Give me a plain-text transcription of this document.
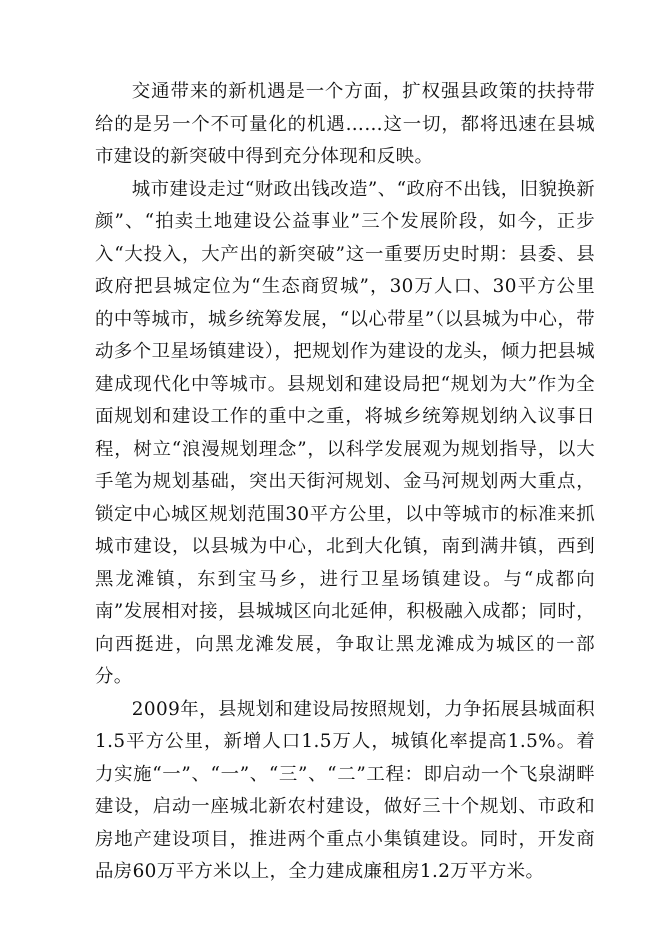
交通带来的新机遇是一个方面，扩权强县政策的扶持带给的是另一个不可量化的机遇……这一切，都将迅速在县城市建设的新突破中得到充分体现和反映。

城市建设走过“财政出钱改造”、“政府不出钱，旧貌换新颜”、“拍卖土地建设公益事业”三个发展阶段，如今，正步入“大投入，大产出的新突破”这一重要历史时期：县委、县政府把县城定位为“生态商贸城”，30万人口、30平方公里的中等城市，城乡统筹发展，“以心带星”（以县城为中心，带动多个卫星场镇建设），把规划作为建设的龙头，倾力把县城建成现代化中等城市。县规划和建设局把“规划为大”作为全面规划和建设工作的重中之重，将城乡统筹规划纳入议事日程，树立“浪漫规划理念”，以科学发展观为规划指导，以大手笔为规划基础，突出天街河规划、金马河规划两大重点，锁定中心城区规划范围30平方公里，以中等城市的标准来抓城市建设，以县城为中心，北到大化镇，南到满井镇，西到黑龙滩镇，东到宝马乡，进行卫星场镇建设。与“成都向南”发展相对接，县城城区向北延伸，积极融入成都；同时，向西挺进，向黑龙滩发展，争取让黑龙滩成为城区的一部分。

2009年，县规划和建设局按照规划，力争拓展县城面积1.5平方公里，新增人口1.5万人，城镇化率提高1.5%。着力实施“一”、“一”、“三”、“二”工程：即启动一个飞泉湖畔建设，启动一座城北新农村建设，做好三十个规划、市政和房地产建设项目，推进两个重点小集镇建设。同时，开发商品房60万平方米以上，全力建成廉租房1.2万平方米。
